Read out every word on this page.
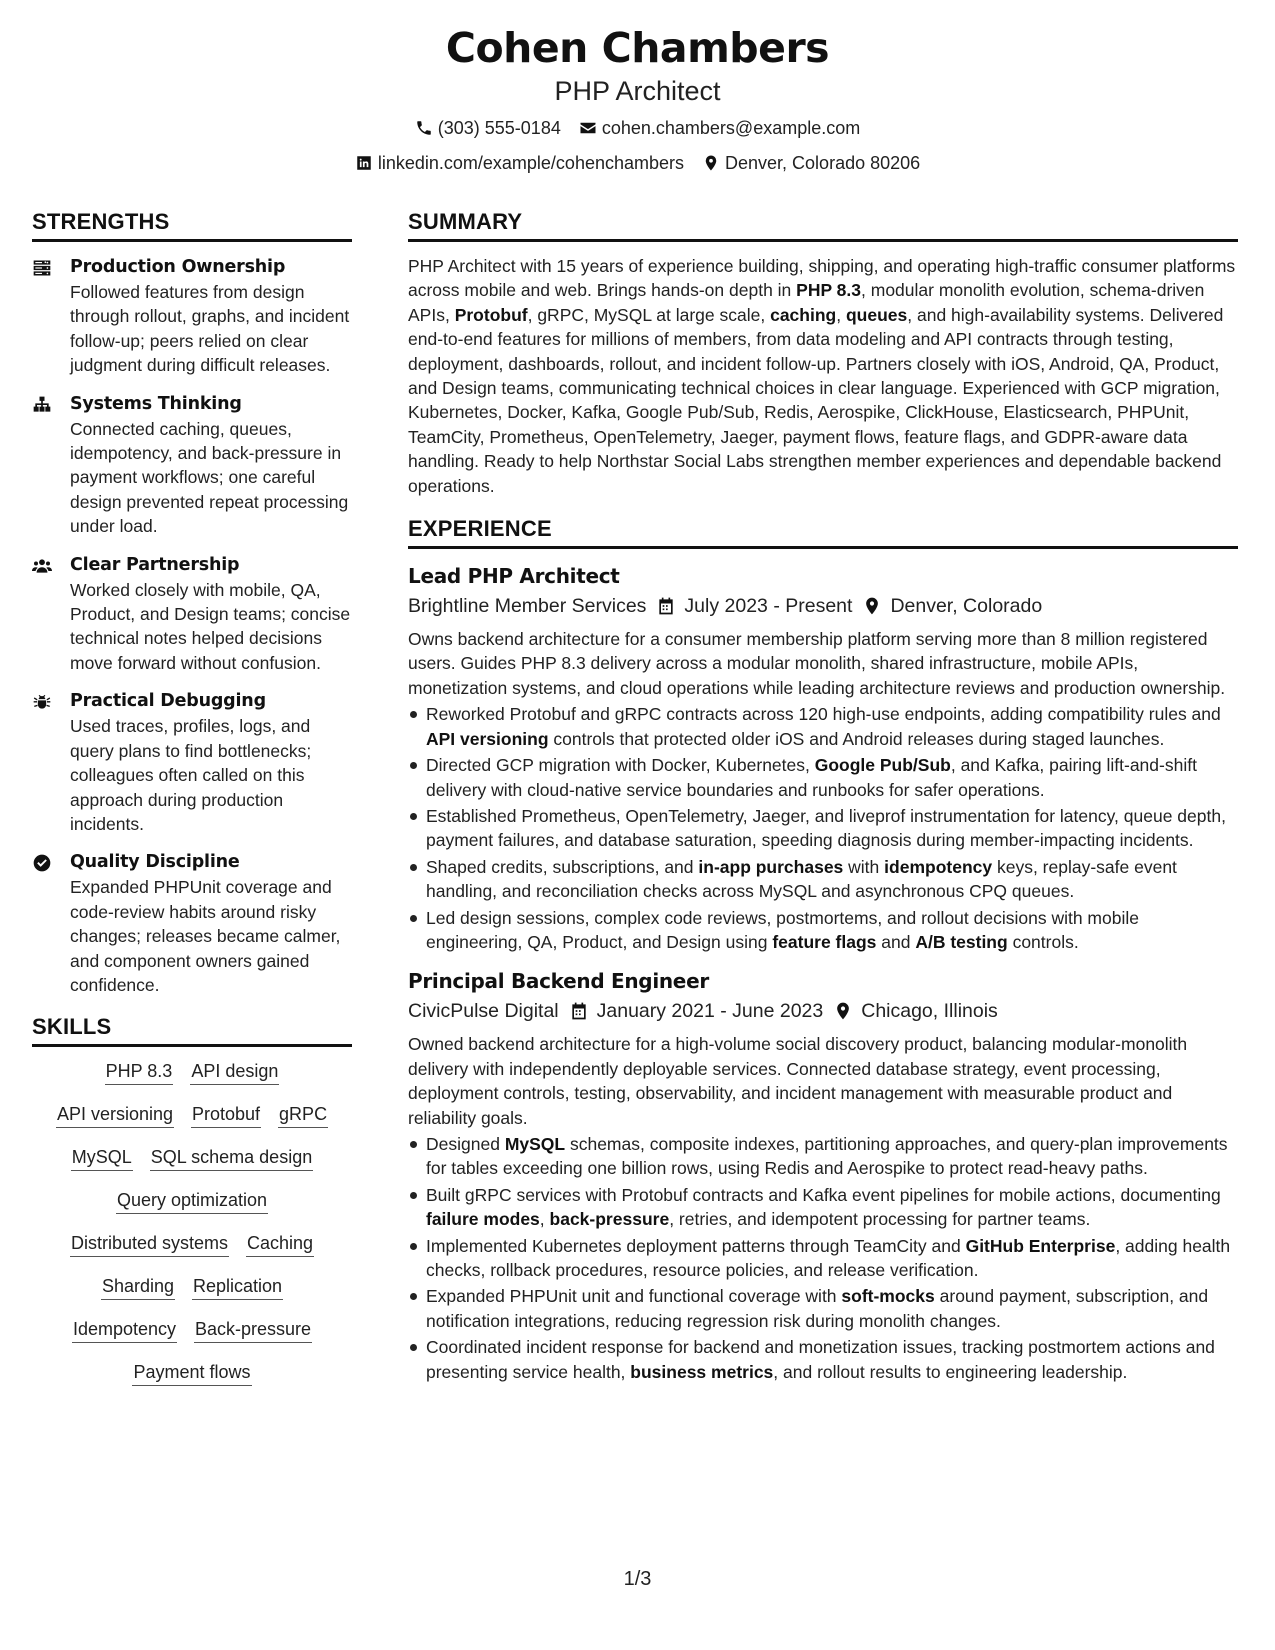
Cohen Chambers
PHP Architect
(303) 555-0184 cohen.chambers@example.com
linkedin.com/example/cohenchambers Denver, Colorado 80206
STRENGTHS
Production Ownership
Followed features from design through rollout, graphs, and incident follow-up; peers relied on clear judgment during difficult releases.
Systems Thinking
Connected caching, queues, idempotency, and back-pressure in payment workflows; one careful design prevented repeat processing under load.
Clear Partnership
Worked closely with mobile, QA, Product, and Design teams; concise technical notes helped decisions move forward without confusion.
Practical Debugging
Used traces, profiles, logs, and query plans to find bottlenecks; colleagues often called on this approach during production incidents.
Quality Discipline
Expanded PHPUnit coverage and code-review habits around risky changes; releases became calmer, and component owners gained confidence.
SKILLS
PHP 8.3 API design
API versioning Protobuf gRPC
MySQL SQL schema design
Query optimization
Distributed systems Caching
Sharding Replication
Idempotency Back-pressure
Payment flows
SUMMARY

PHP Architect with 15 years of experience building, shipping, and operating high-traffic consumer platforms across mobile and web. Brings hands-on depth in PHP 8.3, modular monolith evolution, schema-driven APIs, Protobuf, gRPC, MySQL at large scale, caching, queues, and high-availability systems. Delivered end-to-end features for millions of members, from data modeling and API contracts through testing, deployment, dashboards, rollout, and incident follow-up. Partners closely with iOS, Android, QA, Product, and Design teams, communicating technical choices in clear language. Experienced with GCP migration, Kubernetes, Docker, Kafka, Google Pub/Sub, Redis, Aerospike, ClickHouse, Elasticsearch, PHPUnit, TeamCity, Prometheus, OpenTelemetry, Jaeger, payment flows, feature flags, and GDPR-aware data handling. Ready to help Northstar Social Labs strengthen member experiences and dependable backend operations.

EXPERIENCE
Lead PHP Architect
Brightline Member Services July 2023 - Present Denver, Colorado

Owns backend architecture for a consumer membership platform serving more than 8 million registered users. Guides PHP 8.3 delivery across a modular monolith, shared infrastructure, mobile APIs, monetization systems, and cloud operations while leading architecture reviews and production ownership.

Reworked Protobuf and gRPC contracts across 120 high-use endpoints, adding compatibility rules and API versioning controls that protected older iOS and Android releases during staged launches.
Directed GCP migration with Docker, Kubernetes, Google Pub/Sub, and Kafka, pairing lift-and-shift delivery with cloud-native service boundaries and runbooks for safer operations.
Established Prometheus, OpenTelemetry, Jaeger, and liveprof instrumentation for latency, queue depth, payment failures, and database saturation, speeding diagnosis during member-impacting incidents.
Shaped credits, subscriptions, and in-app purchases with idempotency keys, replay-safe event handling, and reconciliation checks across MySQL and asynchronous CPQ queues.
Led design sessions, complex code reviews, postmortems, and rollout decisions with mobile engineering, QA, Product, and Design using feature flags and A/B testing controls.
Principal Backend Engineer
CivicPulse Digital January 2021 - June 2023 Chicago, Illinois

Owned backend architecture for a high-volume social discovery product, balancing modular-monolith delivery with independently deployable services. Connected database strategy, event processing, deployment controls, testing, observability, and incident management with measurable product and reliability goals.

Designed MySQL schemas, composite indexes, partitioning approaches, and query-plan improvements for tables exceeding one billion rows, using Redis and Aerospike to protect read-heavy paths.
Built gRPC services with Protobuf contracts and Kafka event pipelines for mobile actions, documenting failure modes, back-pressure, retries, and idempotent processing for partner teams.
Implemented Kubernetes deployment patterns through TeamCity and GitHub Enterprise, adding health checks, rollback procedures, resource policies, and release verification.
Expanded PHPUnit unit and functional coverage with soft-mocks around payment, subscription, and notification integrations, reducing regression risk during monolith changes.
Coordinated incident response for backend and monetization issues, tracking postmortem actions and presenting service health, business metrics, and rollout results to engineering leadership.
1/3
